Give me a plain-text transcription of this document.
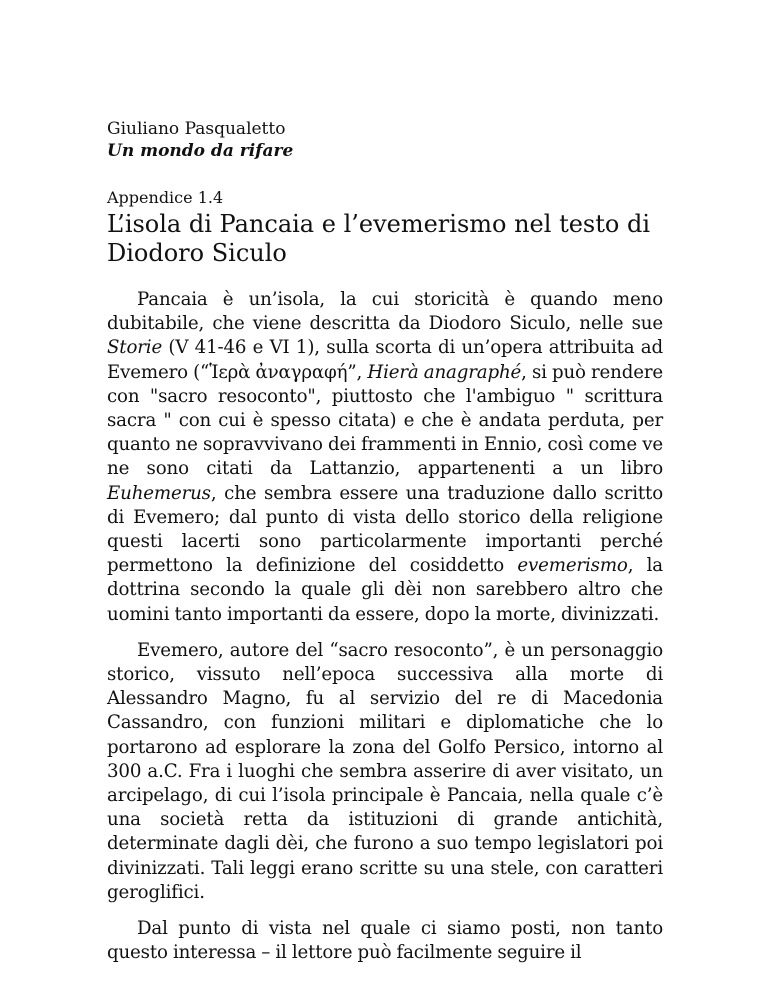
Giuliano Pasqualetto

Un mondo da rifare

Appendice 1.4

L’isola di Pancaia e l’evemerismo nel testo di Diodoro Siculo

Pancaia è un’isola, la cui storicità è quando meno dubitabile, che viene descritta da Diodoro Siculo, nelle sue Storie (V 41-46 e VI 1), sulla scorta di un’opera attribuita ad Evemero (“Ἱερὰ ἀναγραφή”, Hierà anagraphé, si può rendere con "sacro resoconto", piuttosto che l'ambiguo " scrittura sacra " con cui è spesso citata) e che è andata perduta, per quanto ne sopravvivano dei frammenti in Ennio, così come ve ne sono citati da Lattanzio, appartenenti a un libro Euhemerus, che sembra essere una traduzione dallo scritto di Evemero; dal punto di vista dello storico della religione questi lacerti sono particolarmente importanti perché permettono la definizione del cosiddetto evemerismo, la dottrina secondo la quale gli dèi non sarebbero altro che uomini tanto importanti da essere, dopo la morte, divinizzati.

Evemero, autore del “sacro resoconto”, è un personaggio storico, vissuto nell’epoca successiva alla morte di Alessandro Magno, fu al servizio del re di Macedonia Cassandro, con funzioni militari e diplomatiche che lo portarono ad esplorare la zona del Golfo Persico, intorno al 300 a.C. Fra i luoghi che sembra asserire di aver visitato, un arcipelago, di cui l’isola principale è Pancaia, nella quale c’è una società retta da istituzioni di grande antichità, determinate dagli dèi, che furono a suo tempo legislatori poi divinizzati. Tali leggi erano scritte su una stele, con caratteri geroglifici.

Dal punto di vista nel quale ci siamo posti, non tanto questo interessa – il lettore può facilmente seguire il
